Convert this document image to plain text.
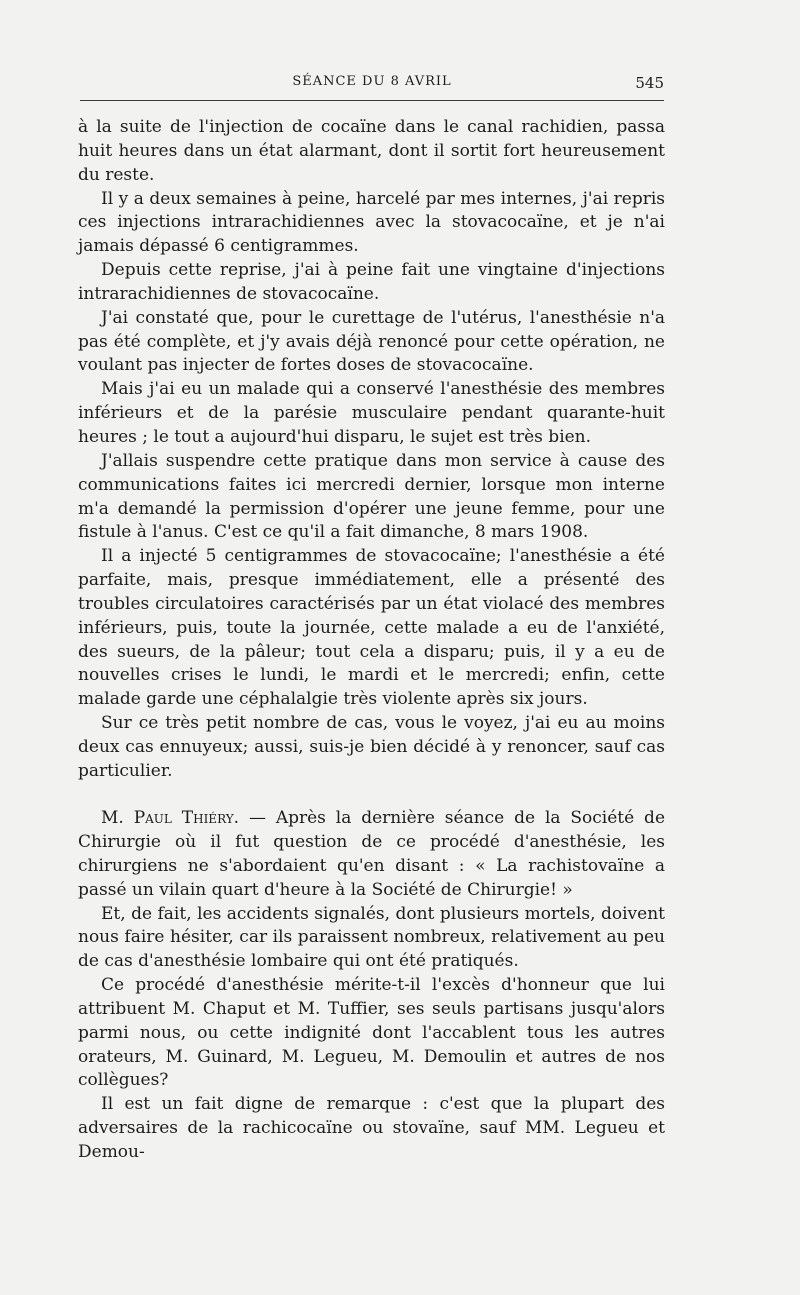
SÉANCE DU 8 AVRIL	545

à la suite de l'injection de cocaïne dans le canal rachidien, passa huit heures dans un état alarmant, dont il sortit fort heureusement du reste.

Il y a deux semaines à peine, harcelé par mes internes, j'ai repris ces injections intrarachidiennes avec la stovacocaïne, et je n'ai jamais dépassé 6 centigrammes.

Depuis cette reprise, j'ai à peine fait une vingtaine d'injections intrarachidiennes de stovacocaïne.

J'ai constaté que, pour le curettage de l'utérus, l'anesthésie n'a pas été complète, et j'y avais déjà renoncé pour cette opération, ne voulant pas injecter de fortes doses de stovacocaïne.

Mais j'ai eu un malade qui a conservé l'anesthésie des membres inférieurs et de la parésie musculaire pendant quarante-huit heures ; le tout a aujourd'hui disparu, le sujet est très bien.

J'allais suspendre cette pratique dans mon service à cause des communications faites ici mercredi dernier, lorsque mon interne m'a demandé la permission d'opérer une jeune femme, pour une fistule à l'anus. C'est ce qu'il a fait dimanche, 8 mars 1908.

Il a injecté 5 centigrammes de stovacocaïne; l'anesthésie a été parfaite, mais, presque immédiatement, elle a présenté des troubles circulatoires caractérisés par un état violacé des membres inférieurs, puis, toute la journée, cette malade a eu de l'anxiété, des sueurs, de la pâleur; tout cela a disparu; puis, il y a eu de nouvelles crises le lundi, le mardi et le mercredi; enfin, cette malade garde une céphalalgie très violente après six jours.

Sur ce très petit nombre de cas, vous le voyez, j'ai eu au moins deux cas ennuyeux; aussi, suis-je bien décidé à y renoncer, sauf cas particulier.

M. Paul Thiéry. — Après la dernière séance de la Société de Chirurgie où il fut question de ce procédé d'anesthésie, les chirurgiens ne s'abordaient qu'en disant : « La rachistovaïne a passé un vilain quart d'heure à la Société de Chirurgie! »

Et, de fait, les accidents signalés, dont plusieurs mortels, doivent nous faire hésiter, car ils paraissent nombreux, relativement au peu de cas d'anesthésie lombaire qui ont été pratiqués.

Ce procédé d'anesthésie mérite-t-il l'excès d'honneur que lui attribuent M. Chaput et M. Tuffier, ses seuls partisans jusqu'alors parmi nous, ou cette indignité dont l'accablent tous les autres orateurs, M. Guinard, M. Legueu, M. Demoulin et autres de nos collègues?

Il est un fait digne de remarque : c'est que la plupart des adversaires de la rachicocaïne ou stovaïne, sauf MM. Legueu et Demou-
